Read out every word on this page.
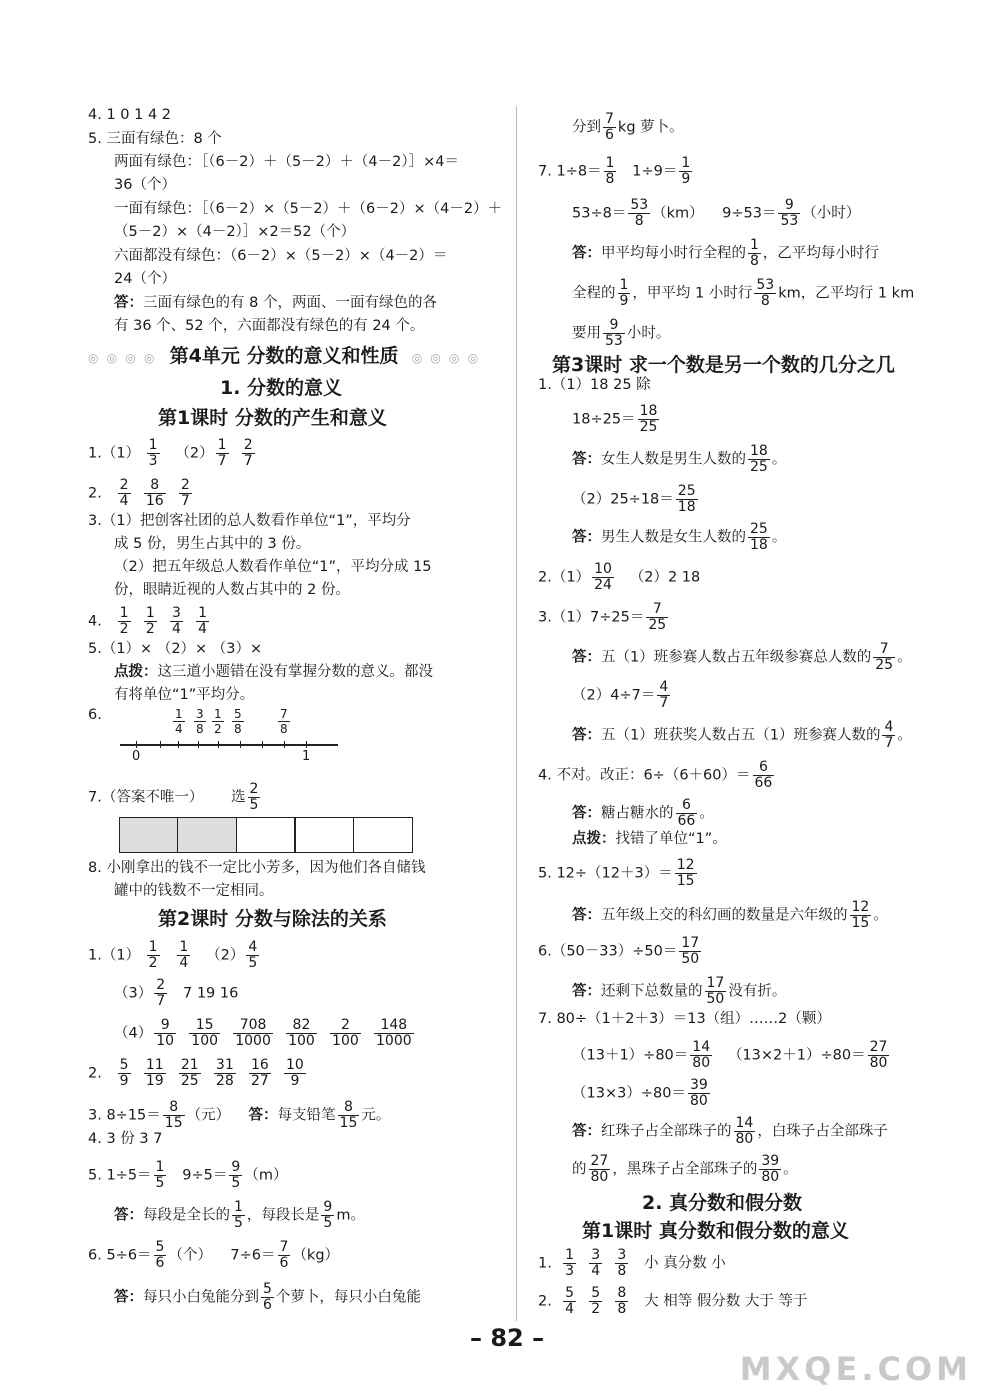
4. 1 0 1 4 2
5. 三面有绿色：8 个
两面有绿色：［（6－2）＋（5－2）＋（4－2）］×4＝
36（个）
一面有绿色：［（6－2）×（5－2）＋（6－2）×（4－2）＋
（5－2）×（4－2）］×2＝52（个）
六面都没有绿色：（6－2）×（5－2）×（4－2）＝
24（个）
答：三面有绿色的有 8 个，两面、一面有绿色的各
有 36 个、52 个，六面都没有绿色的有 24 个。
◎ ◎ ◎ ◎ 第4单元 分数的意义和性质 ◎ ◎ ◎ ◎
1. 分数的意义
第1课时 分数的产生和意义
$1.(1) \frac{1}{3} (2) \frac{1}{7}$
$\frac{2}{7}$
2. $\frac{2}{4}$
$\frac{8}{16}$
$\frac{2}{7}$
3.（1）把创客社团的总人数看作单位“1”，平均分
成 5 份，男生占其中的 3 份。
（2）把五年级总人数看作单位“1”，平均分成 15
份，眼睛近视的人数占其中的 2 份。
4. $\frac{1}{2}$
$\frac{1}{2}$
$\frac{3}{4}$
$\frac{1}{4}$
5.（1）× （2）× （3）×
点拨：这三道小题错在没有掌握分数的意义。都没
有将单位“1”平均分。
6.	1
4
3
8
1
2
5
8
7
8
0	1
7.（答案不唯一） 选 $\frac{2}{5}$
8. 小刚拿出的钱不一定比小芳多，因为他们各自储钱
罐中的钱数不一定相同。
第2课时 分数与除法的关系
$1.(1) \frac{1}{2}$
$\frac{1}{4} (2) \frac{4}{5}$
$(3) \frac{2}{7} 7$ 19 16
$(4) \frac{9}{10}$
$\frac{15}{100}$
$\frac{708}{1000}$
$\frac{82}{100}$
$\frac{2}{100}$
$\frac{148}{1000}$
2. $\frac{5}{9}$
$\frac{11}{19}$
$\frac{21}{25}$
$\frac{31}{28}$
$\frac{16}{27}$
$\frac{10}{9}$
3. $8\div 15= \frac{8}{15}$ （元） 答：每支铅笔 $\frac{8}{15}$ 元。
4. 3 份 3 7
5. $1\div 5= \frac{1}{5} 9\div 5= \frac{9}{5} (m)$
答：每段是全长的 $\frac{1}{5}$ ，每段长是 $\frac{9}{5}$ m。
6. $5\div 6= \frac{5}{6}$ （个） $7\div 6= \frac{7}{6} (kg)$
答：每只小白兔能分到 $\frac{5}{6}$ 个萝卜，每只小白兔能
分到 $\frac{7}{6}$ kg 萝卜。
7. $1\div 8= \frac{1}{8} 1\div 9= \frac{1}{9}$
$53\div 8= \frac{53}{8} (km)$ $9\div 53= \frac{9}{53}$ （小时）
答：甲平均每小时行全程的 $\frac{1}{8}$ ，乙平均每小时行
全程的 $\frac{1}{9}$ ，甲平均 1 小时行 $\frac{53}{8}$ km，乙平均行 1 km
要用 $\frac{9}{53}$ 小时。
第3课时 求一个数是另一个数的几分之几
1.（1）18 25 除
$18\div 25= \frac{18}{25}$
答：女生人数是男生人数的 $\frac{18}{25}$ 。
$(2)25\div 18= \frac{25}{18}$
答：男生人数是女生人数的 $\frac{25}{18}$ 。
$2.(1) \frac{10}{24} (2)2$ 18
$3.(1)7\div 25= \frac{7}{25}$
答：五（1）班参赛人数占五年级参赛总人数的 $\frac{7}{25}$ 。
$(2)4\div 7= \frac{4}{7}$
答：五（1）班获奖人数占五（1）班参赛人数的 $\frac{4}{7}$ 。
4. 不对。改正：$6\div(6+60)= \frac{6}{66}$
答：糖占糖水的 $\frac{6}{66}$ 。
点拨：找错了单位“1”。
5. $12\div(12+3)= \frac{12}{15}$
答：五年级上交的科幻画的数量是六年级的 $\frac{12}{15}$ 。
$6.(50-33)\div 50= \frac{17}{50}$
答：还剩下总数量的 $\frac{17}{50}$ 没有折。
7. 80÷（1＋2＋3）＝13（组）……2（颗）
$(13+1)\div 80= \frac{14}{80} (13\times 2+1)\div 80= \frac{27}{80}$
$(13\times 3)\div 80= \frac{39}{80}$
答：红珠子占全部珠子的 $\frac{14}{80}$ ，白珠子占全部珠子
的 $\frac{27}{80}$ ，黑珠子占全部珠子的 $\frac{39}{80}$ 。
2. 真分数和假分数
第1课时 真分数和假分数的意义
1. $\frac{1}{3}$
$\frac{3}{4}$
$\frac{3}{8}$ 小 真分数 小
2. $\frac{5}{4}$
$\frac{5}{2}$
$\frac{8}{8}$ 大 相等 假分数 大于 等于
– 82 –
MXQE.COM
